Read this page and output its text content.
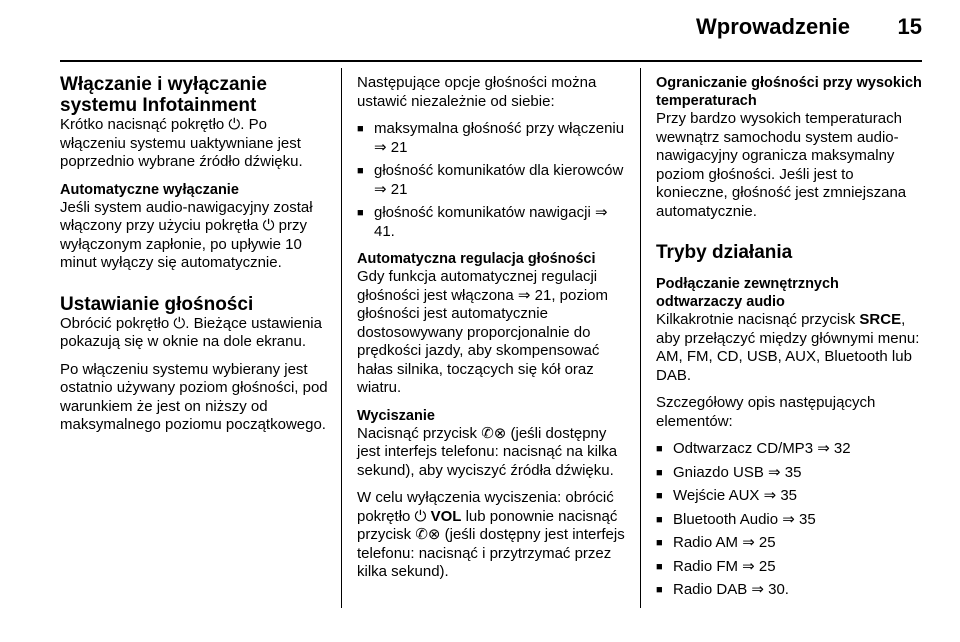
Wprowadzenie 15
Włączanie i wyłączanie systemu Infotainment

Krótko nacisnąć pokrętło ⏻. Po włączeniu systemu uaktywniane jest poprzednio wybrane źródło dźwięku.

Automatyczne wyłączanie

Jeśli system audio-nawigacyjny został włączony przy użyciu pokrętła ⏻ przy wyłączonym zapłonie, po upływie 10 minut wyłączy się automatycznie.

Ustawianie głośności

Obrócić pokrętło ⏻. Bieżące ustawienia pokazują się w oknie na dole ekranu.

Po włączeniu systemu wybierany jest ostatnio używany poziom głośności, pod warunkiem że jest on niższy od maksymalnego poziomu początkowego.

Następujące opcje głośności można ustawić niezależnie od siebie:

■ maksymalna głośność przy włączeniu ⇒ 21
■ głośność komunikatów dla kierowców ⇒ 21
■ głośność komunikatów nawigacji ⇒ 41.
Automatyczna regulacja głośności

Gdy funkcja automatycznej regulacji głośności jest włączona ⇒ 21, poziom głośności jest automatycznie dostosowywany proporcjonalnie do prędkości jazdy, aby skompensować hałas silnika, toczących się kół oraz wiatru.

Wyciszanie

Nacisnąć przycisk ✆⊗ (jeśli dostępny jest interfejs telefonu: nacisnąć na kilka sekund), aby wyciszyć źródła dźwięku.

W celu wyłączenia wyciszenia: obrócić pokrętło ⏻ VOL lub ponownie nacisnąć przycisk ✆⊗ (jeśli dostępny jest interfejs telefonu: nacisnąć i przytrzymać przez kilka sekund).

Ograniczanie głośności przy wysokich temperaturach

Przy bardzo wysokich temperaturach wewnątrz samochodu system audio-nawigacyjny ogranicza maksymalny poziom głośności. Jeśli jest to konieczne, głośność jest zmniejszana automatycznie.

Tryby działania
Podłączanie zewnętrznych odtwarzaczy audio

Kilkakrotnie nacisnąć przycisk SRCE, aby przełączyć między głównymi menu: AM, FM, CD, USB, AUX, Bluetooth lub DAB.

Szczegółowy opis następujących elementów:

■ Odtwarzacz CD/MP3 ⇒ 32
■ Gniazdo USB ⇒ 35
■ Wejście AUX ⇒ 35
■ Bluetooth Audio ⇒ 35
■ Radio AM ⇒ 25
■ Radio FM ⇒ 25
■ Radio DAB ⇒ 30.
